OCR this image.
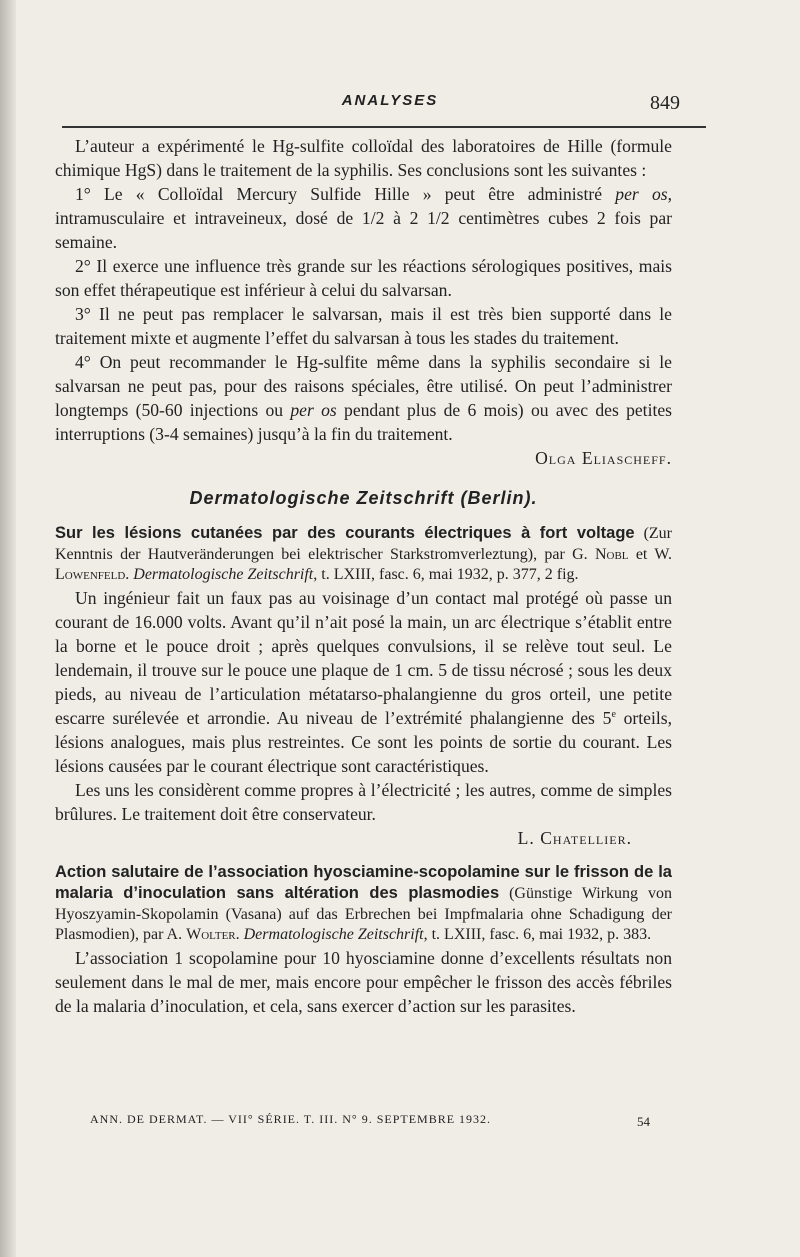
ANALYSES	849

L’auteur a expérimenté le Hg-sulfite colloïdal des laboratoires de Hille (formule chimique HgS) dans le traitement de la syphilis. Ses conclusions sont les suivantes :

1° Le « Colloïdal Mercury Sulfide Hille » peut être administré per os, intramusculaire et intraveineux, dosé de 1/2 à 2 1/2 centimètres cubes 2 fois par semaine.

2° Il exerce une influence très grande sur les réactions sérologiques positives, mais son effet thérapeutique est inférieur à celui du salvarsan.

3° Il ne peut pas remplacer le salvarsan, mais il est très bien supporté dans le traitement mixte et augmente l’effet du salvarsan à tous les stades du traitement.

4° On peut recommander le Hg-sulfite même dans la syphilis secondaire si le salvarsan ne peut pas, pour des raisons spéciales, être utilisé. On peut l’administrer longtemps (50-60 injections ou per os pendant plus de 6 mois) ou avec des petites interruptions (3-4 semaines) jusqu’à la fin du traitement.

Olga Eliascheff.

Dermatologische Zeitschrift (Berlin).

Sur les lésions cutanées par des courants électriques à fort voltage (Zur Kenntnis der Hautveränderungen bei elektrischer Starkstromverleztung), par G. Nobl et W. Lowenfeld. Dermatologische Zeitschrift, t. LXIII, fasc. 6, mai 1932, p. 377, 2 fig.

Un ingénieur fait un faux pas au voisinage d’un contact mal protégé où passe un courant de 16.000 volts. Avant qu’il n’ait posé la main, un arc électrique s’établit entre la borne et le pouce droit ; après quelques convulsions, il se relève tout seul. Le lendemain, il trouve sur le pouce une plaque de 1 cm. 5 de tissu nécrosé ; sous les deux pieds, au niveau de l’articulation métatarso-phalangienne du gros orteil, une petite escarre surélevée et arrondie. Au niveau de l’extrémité phalangienne des 5e orteils, lésions analogues, mais plus restreintes. Ce sont les points de sortie du courant. Les lésions causées par le courant électrique sont caractéristiques.

Les uns les considèrent comme propres à l’électricité ; les autres, comme de simples brûlures. Le traitement doit être conservateur.

L. Chatellier.

Action salutaire de l’association hyosciamine-scopolamine sur le frisson de la malaria d’inoculation sans altération des plasmodies (Günstige Wirkung von Hyoszyamin-Skopolamin (Vasana) auf das Erbrechen bei Impfmalaria ohne Schadigung der Plasmodien), par A. Wolter. Dermatologische Zeitschrift, t. LXIII, fasc. 6, mai 1932, p. 383.

L’association 1 scopolamine pour 10 hyosciamine donne d’excellents résultats non seulement dans le mal de mer, mais encore pour empêcher le frisson des accès fébriles de la malaria d’inoculation, et cela, sans exercer d’action sur les parasites.

ANN. DE DERMAT. — VII° SÉRIE. T. III. N° 9. SEPTEMBRE 1932.	54
